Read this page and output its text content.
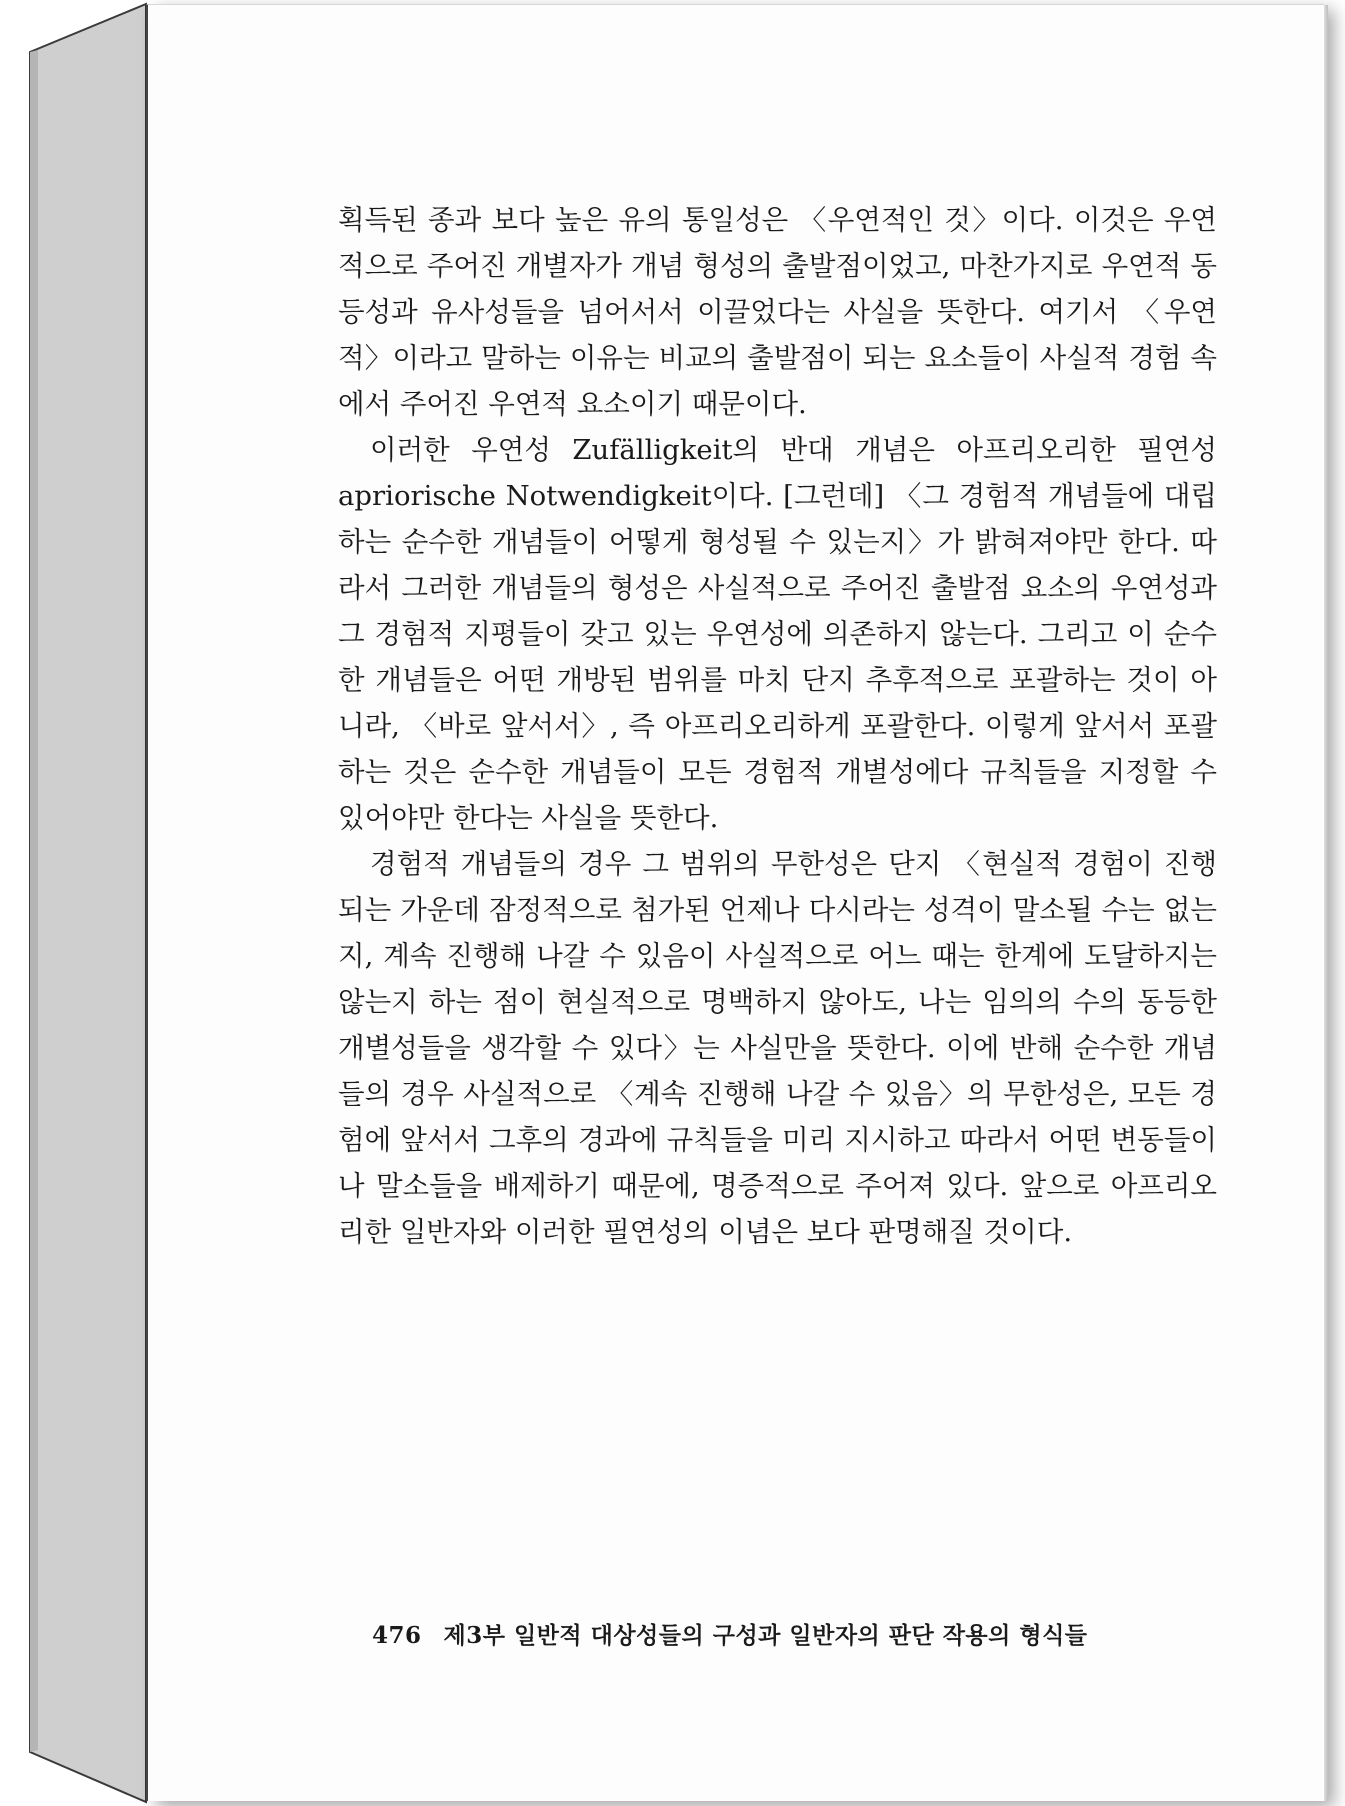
획득된 종과 보다 높은 유의 통일성은 〈우연적인 것〉이다. 이것은 우연적으로 주어진 개별자가 개념 형성의 출발점이었고, 마찬가지로 우연적 동등성과 유사성들을 넘어서서 이끌었다는 사실을 뜻한다. 여기서 〈우연적〉이라고 말하는 이유는 비교의 출발점이 되는 요소들이 사실적 경험 속에서 주어진 우연적 요소이기 때문이다.

이러한 우연성 Zufälligkeit의 반대 개념은 아프리오리한 필연성 apriorische Notwendigkeit이다. [그런데] 〈그 경험적 개념들에 대립하는 순수한 개념들이 어떻게 형성될 수 있는지〉가 밝혀져야만 한다. 따라서 그러한 개념들의 형성은 사실적으로 주어진 출발점 요소의 우연성과 그 경험적 지평들이 갖고 있는 우연성에 의존하지 않는다. 그리고 이 순수한 개념들은 어떤 개방된 범위를 마치 단지 추후적으로 포괄하는 것이 아니라, 〈바로 앞서서〉, 즉 아프리오리하게 포괄한다. 이렇게 앞서서 포괄하는 것은 순수한 개념들이 모든 경험적 개별성에다 규칙들을 지정할 수 있어야만 한다는 사실을 뜻한다.

경험적 개념들의 경우 그 범위의 무한성은 단지 〈현실적 경험이 진행되는 가운데 잠정적으로 첨가된 언제나 다시라는 성격이 말소될 수는 없는지, 계속 진행해 나갈 수 있음이 사실적으로 어느 때는 한계에 도달하지는 않는지 하는 점이 현실적으로 명백하지 않아도, 나는 임의의 수의 동등한 개별성들을 생각할 수 있다〉는 사실만을 뜻한다. 이에 반해 순수한 개념들의 경우 사실적으로 〈계속 진행해 나갈 수 있음〉의 무한성은, 모든 경험에 앞서서 그후의 경과에 규칙들을 미리 지시하고 따라서 어떤 변동들이나 말소들을 배제하기 때문에, 명증적으로 주어져 있다. 앞으로 아프리오리한 일반자와 이러한 필연성의 이념은 보다 판명해질 것이다.

476 제3부 일반적 대상성들의 구성과 일반자의 판단 작용의 형식들
